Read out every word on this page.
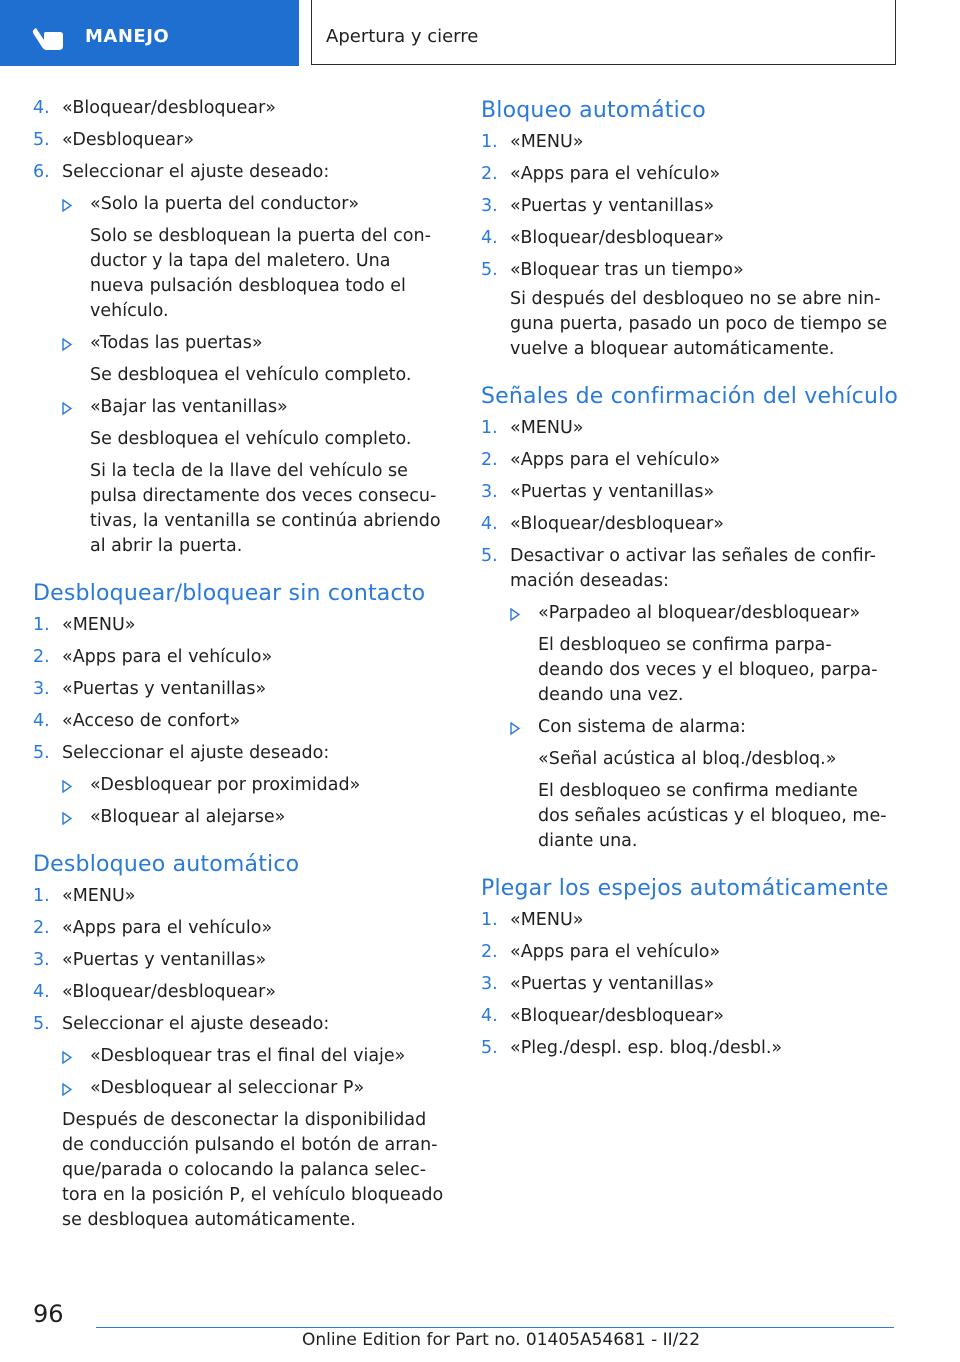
MANEJO	Apertura y cierre
4. «Bloquear/desbloquear»
5. «Desbloquear»
6. Seleccionar el ajuste deseado:
«Solo la puerta del conductor»
Solo se desbloquean la puerta del con-
ductor y la tapa del maletero. Una
nueva pulsación desbloquea todo el
vehículo.
«Todas las puertas»
Se desbloquea el vehículo completo.
«Bajar las ventanillas»
Se desbloquea el vehículo completo.
Si la tecla de la llave del vehículo se
pulsa directamente dos veces consecu-
tivas, la ventanilla se continúa abriendo
al abrir la puerta.
Desbloquear/bloquear sin contacto
1. «MENU»
2. «Apps para el vehículo»
3. «Puertas y ventanillas»
4. «Acceso de confort»
5. Seleccionar el ajuste deseado:
«Desbloquear por proximidad»
«Bloquear al alejarse»
Desbloqueo automático
1. «MENU»
2. «Apps para el vehículo»
3. «Puertas y ventanillas»
4. «Bloquear/desbloquear»
5. Seleccionar el ajuste deseado:
«Desbloquear tras el final del viaje»
«Desbloquear al seleccionar P»
Después de desconectar la disponibilidad
de conducción pulsando el botón de arran-
que/parada o colocando la palanca selec-
tora en la posición P, el vehículo bloqueado
se desbloquea automáticamente.
Bloqueo automático
1. «MENU»
2. «Apps para el vehículo»
3. «Puertas y ventanillas»
4. «Bloquear/desbloquear»
5. «Bloquear tras un tiempo»
Si después del desbloqueo no se abre nin-
guna puerta, pasado un poco de tiempo se
vuelve a bloquear automáticamente.
Señales de confirmación del vehículo
1. «MENU»
2. «Apps para el vehículo»
3. «Puertas y ventanillas»
4. «Bloquear/desbloquear»
5. Desactivar o activar las señales de confir-
mación deseadas:
«Parpadeo al bloquear/desbloquear»
El desbloqueo se confirma parpa-
deando dos veces y el bloqueo, parpa-
deando una vez.
Con sistema de alarma:
«Señal acústica al bloq./desbloq.»
El desbloqueo se confirma mediante
dos señales acústicas y el bloqueo, me-
diante una.
Plegar los espejos automáticamente
1. «MENU»
2. «Apps para el vehículo»
3. «Puertas y ventanillas»
4. «Bloquear/desbloquear»
5. «Pleg./despl. esp. bloq./desbl.»
96
Online Edition for Part no. 01405A54681 - II/22
